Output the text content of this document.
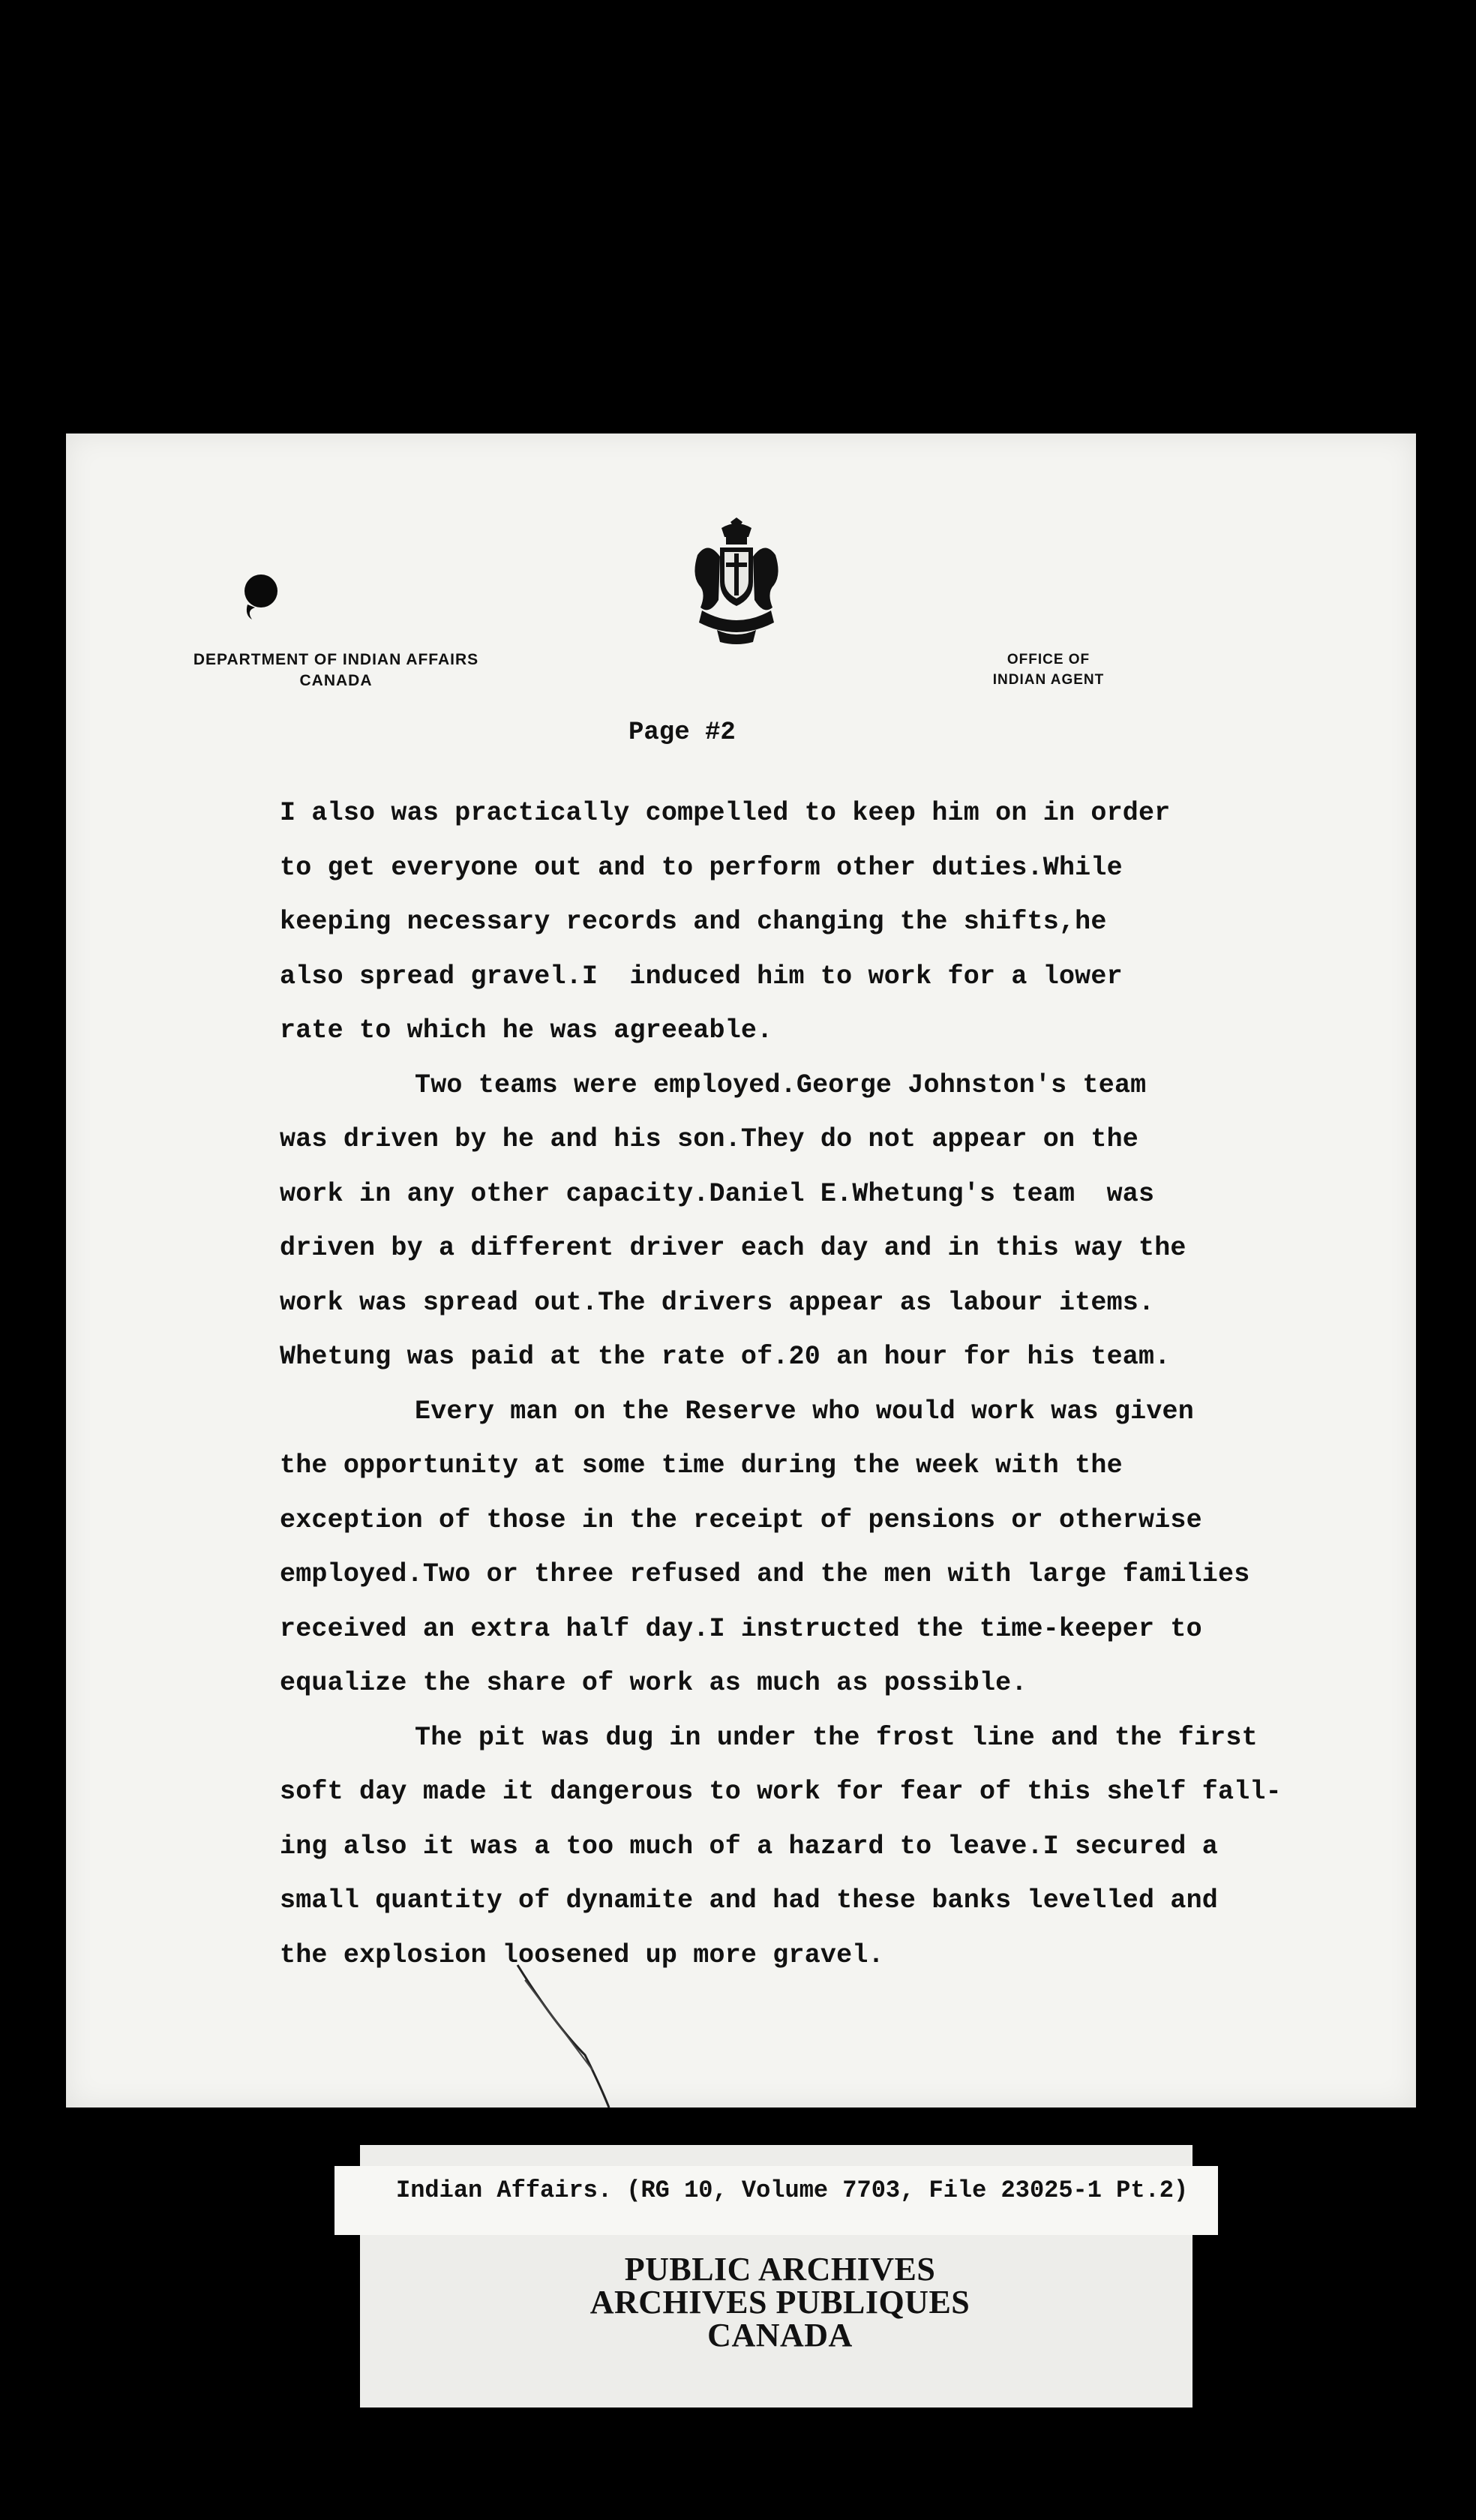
DEPARTMENT OF INDIAN AFFAIRS
CANADA
OFFICE OF
INDIAN AGENT
Page #2

I also was practically compelled to keep him on in order

to get everyone out and to perform other duties.While

keeping necessary records and changing the shifts,he

also spread gravel.I  induced him to work for a lower

rate to which he was agreeable.

Two teams were employed.George Johnston's team

was driven by he and his son.They do not appear on the

work in any other capacity.Daniel E.Whetung's team  was

driven by a different driver each day and in this way the

work was spread out.The drivers appear as labour items.

Whetung was paid at the rate of.20 an hour for his team.

Every man on the Reserve who would work was given

the opportunity at some time during the week with the

exception of those in the receipt of pensions or otherwise

employed.Two or three refused and the men with large families

received an extra half day.I instructed the time-keeper to

equalize the share of work as much as possible.

The pit was dug in under the frost line and the first

soft day made it dangerous to work for fear of this shelf fall-

ing also it was a too much of a hazard to leave.I secured a

small quantity of dynamite and had these banks levelled and

the explosion loosened up more gravel.

Indian Affairs. (RG 10, Volume 7703, File 23025-1 Pt.2)
PUBLIC ARCHIVES
ARCHIVES PUBLIQUES
CANADA
